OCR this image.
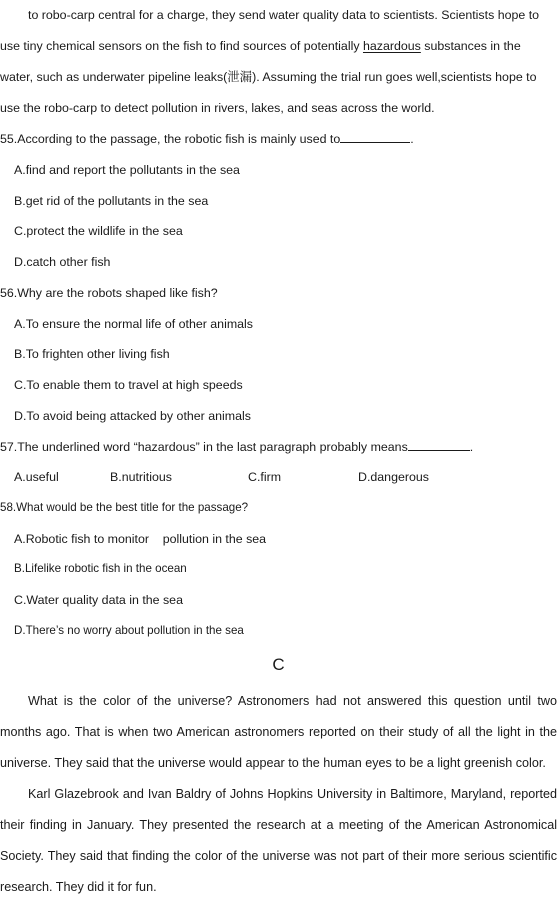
to robo-carp central for a charge, they send water quality data to scientists. Scientists hope to

use tiny chemical sensors on the fish to find sources of potentially hazardous substances in the

water, such as underwater pipeline leaks(泄漏). Assuming the trial run goes well,scientists hope to

use the robo-carp to detect pollution in rivers, lakes, and seas across the world.

55.According to the passage, the robotic fish is mainly used to	.

A.find and report the pollutants in the sea
B.get rid of the pollutants in the sea
C.protect the wildlife in the sea
D.catch other fish

56.Why are the robots shaped like fish?

A.To ensure the normal life of other animals
B.To frighten other living fish
C.To enable them to travel at high speeds
D.To avoid being attacked by other animals

57.The underlined word “hazardous” in the last paragraph probably means	.

A.useful	B.nutritious	C.firm	D.dangerous

58.What would be the best title for the passage?

A.Robotic fish to monitor    pollution in the sea
B.Lifelike robotic fish in the ocean
C.Water quality data in the sea
D.There’s no worry about pollution in the sea
C

What is the color of the universe? Astronomers had not answered this question until two months ago. That is when two American astronomers reported on their study of all the light in the universe. They said that the universe would appear to the human eyes to be a light greenish color.

Karl Glazebrook and Ivan Baldry of Johns Hopkins University in Baltimore, Maryland, reported their finding in January. They presented the research at a meeting of the American Astronomical Society. They said that finding the color of the universe was not part of their more serious scientific research. They did it for fun.
